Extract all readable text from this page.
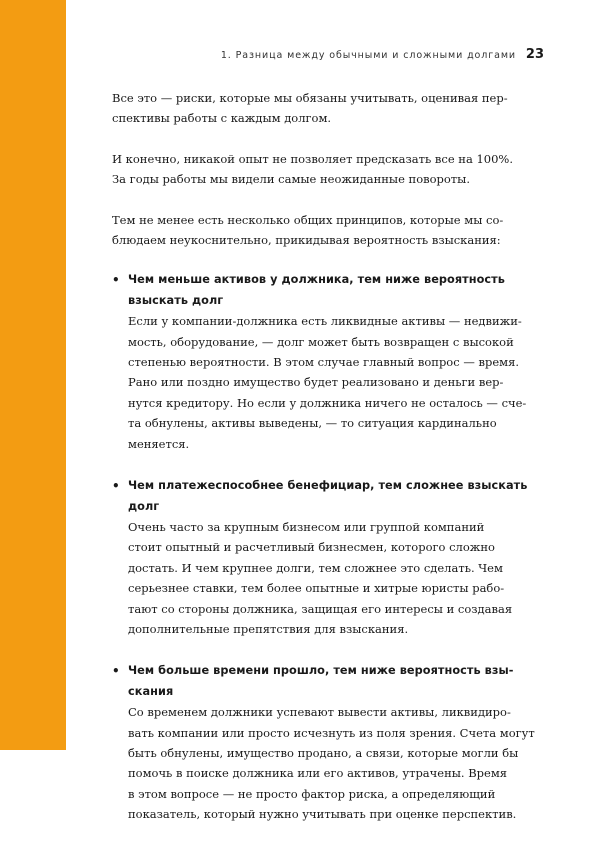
1. Разница между обычными и сложными долгами 23
Все это — риски, которые мы обязаны учитывать, оценивая пер-
спективы работы с каждым долгом.
И конечно, никакой опыт не позволяет предсказать все на 100%.
За годы работы мы видели самые неожиданные повороты.
Тем не менее есть несколько общих принципов, которые мы со-
блюдаем неукоснительно, прикидывая вероятность взыскания:
• Чем меньше активов у должника, тем ниже вероятность
взыскать долг
Если у компании-должника есть ликвидные активы — недвижи-
мость, оборудование, — долг может быть возвращен с высокой
степенью вероятности. В этом случае главный вопрос — время.
Рано или поздно имущество будет реализовано и деньги вер-
нутся кредитору. Но если у должника ничего не осталось — сче-
та обнулены, активы выведены, — то ситуация кардинально
меняется.
• Чем платежеспособнее бенефициар, тем сложнее взыскать
долг
Очень часто за крупным бизнесом или группой компаний
стоит опытный и расчетливый бизнесмен, которого сложно
достать. И чем крупнее долги, тем сложнее это сделать. Чем
серьезнее ставки, тем более опытные и хитрые юристы рабо-
тают со стороны должника, защищая его интересы и создавая
дополнительные препятствия для взыскания.
• Чем больше времени прошло, тем ниже вероятность взы-
скания
Со временем должники успевают вывести активы, ликвидиро-
вать компании или просто исчезнуть из поля зрения. Счета могут
быть обнулены, имущество продано, а связи, которые могли бы
помочь в поиске должника или его активов, утрачены. Время
в этом вопросе — не просто фактор риска, а определяющий
показатель, который нужно учитывать при оценке перспектив.
